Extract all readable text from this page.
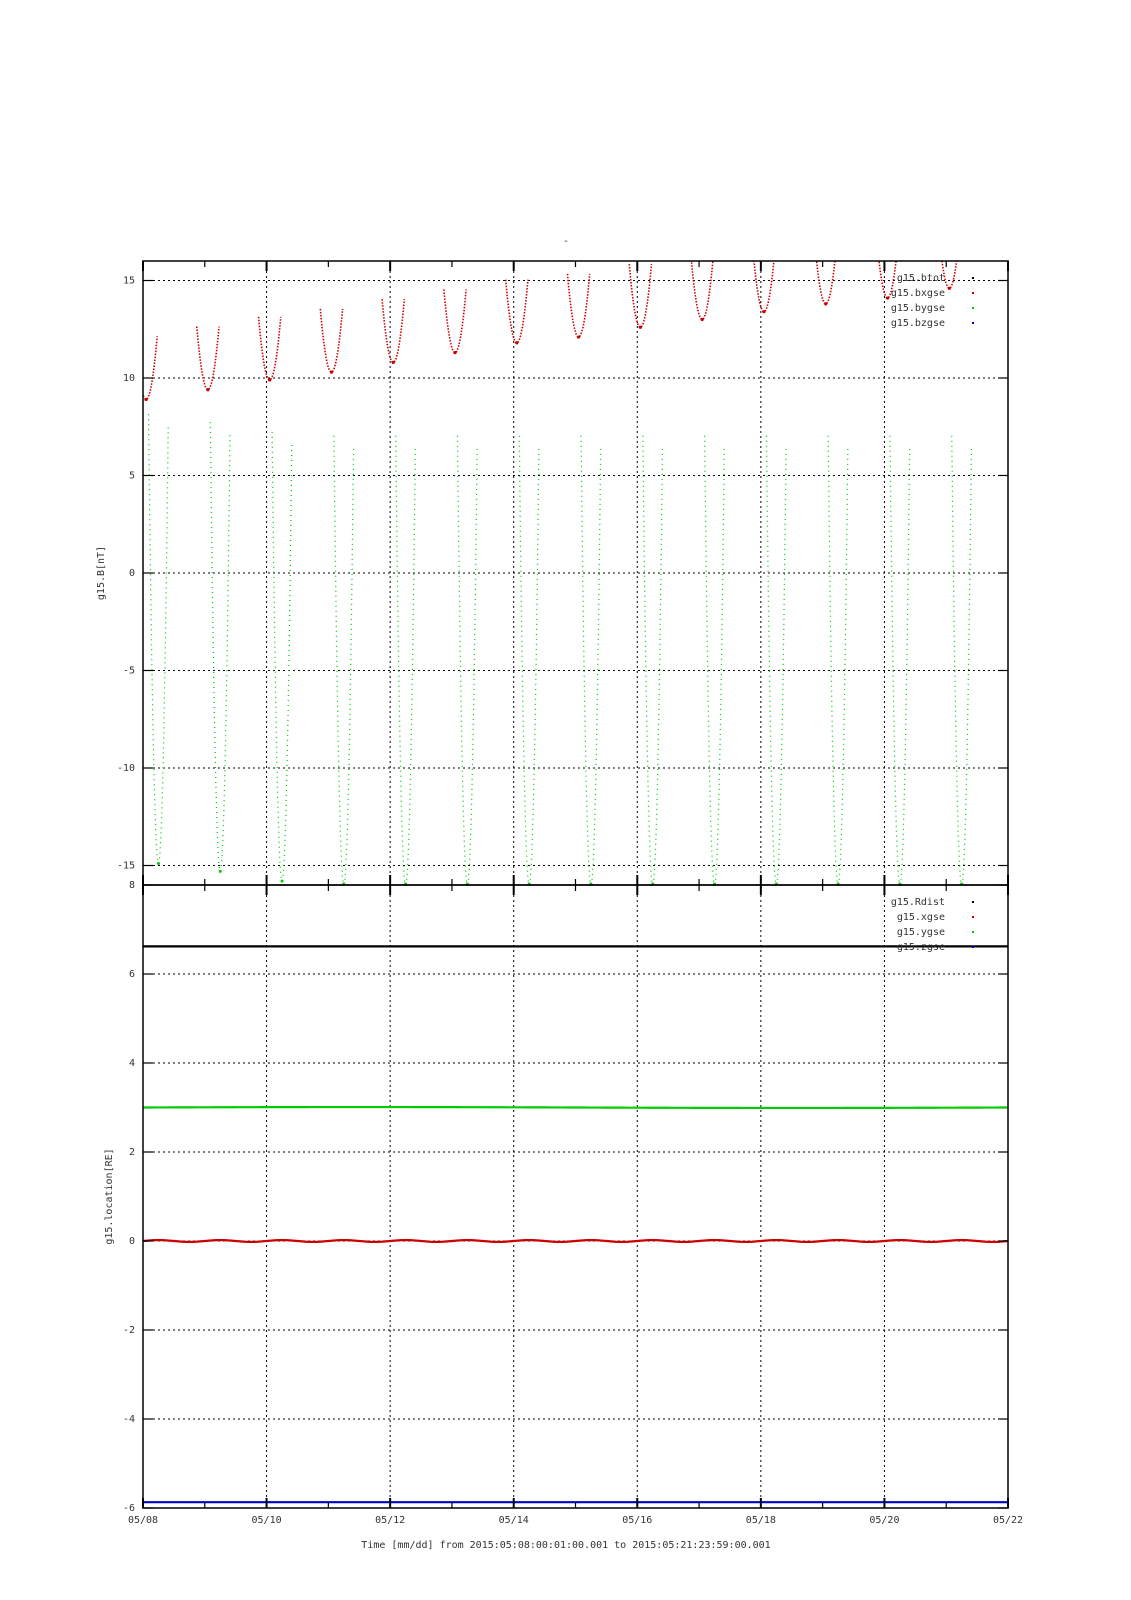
-
15
10
5
0
-5
-10
-15
g15.B[nT]
g15.btot
g15.bxgse
g15.bygse
g15.bzgse
8
6
4
2
0
-2
-4
-6
g15.location[RE]
g15.Rdist
g15.xgse
g15.ygse
g15.zgse
05/08	05/10	05/12	05/14	05/16	05/18	05/20	05/22
Time [mm/dd] from 2015:05:08:00:01:00.001 to 2015:05:21:23:59:00.001
